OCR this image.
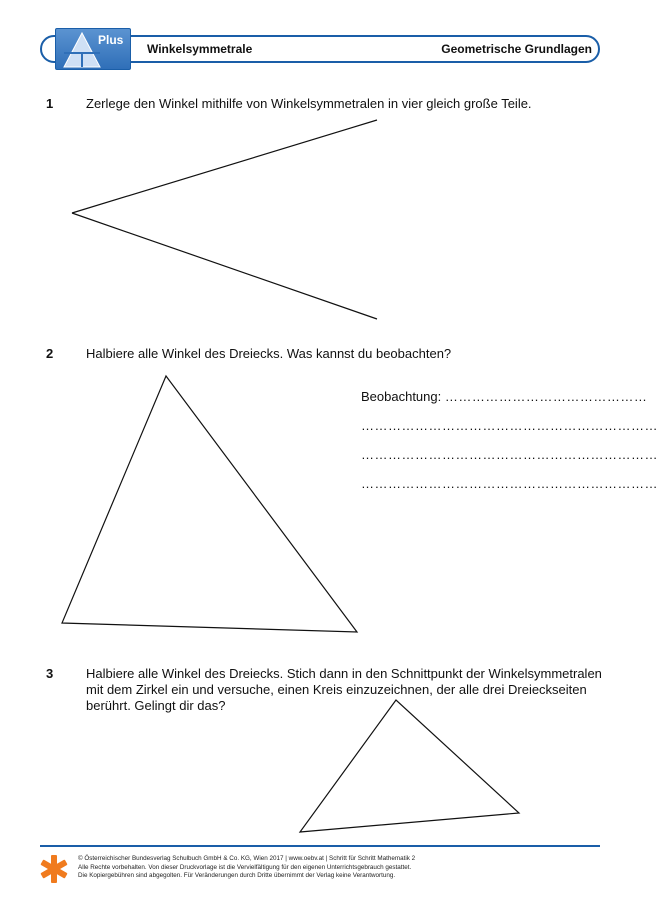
Plus
Winkelsymmetrale	Geometrische Grundlagen
1	Zerlege den Winkel mithilfe von Winkelsymmetralen in vier gleich große Teile.
2	Halbiere alle Winkel des Dreiecks. Was kannst du beobachten?
Beobachtung: ………………………………………
…………………………………………………………
…………………………………………………………
…………………………………………………………
3	Halbiere alle Winkel des Dreiecks. Stich dann in den Schnittpunkt der Winkelsymmetralen
mit dem Zirkel ein und versuche, einen Kreis einzuzeichnen, der alle drei Dreieckseiten
berührt. Gelingt dir das?
© Österreichischer Bundesverlag Schulbuch GmbH & Co. KG, Wien 2017 | www.oebv.at | Schritt für Schritt Mathematik 2
Alle Rechte vorbehalten. Von dieser Druckvorlage ist die Vervielfältigung für den eigenen Unterrichtsgebrauch gestattet.
Die Kopiergebühren sind abgegolten. Für Veränderungen durch Dritte übernimmt der Verlag keine Verantwortung.
